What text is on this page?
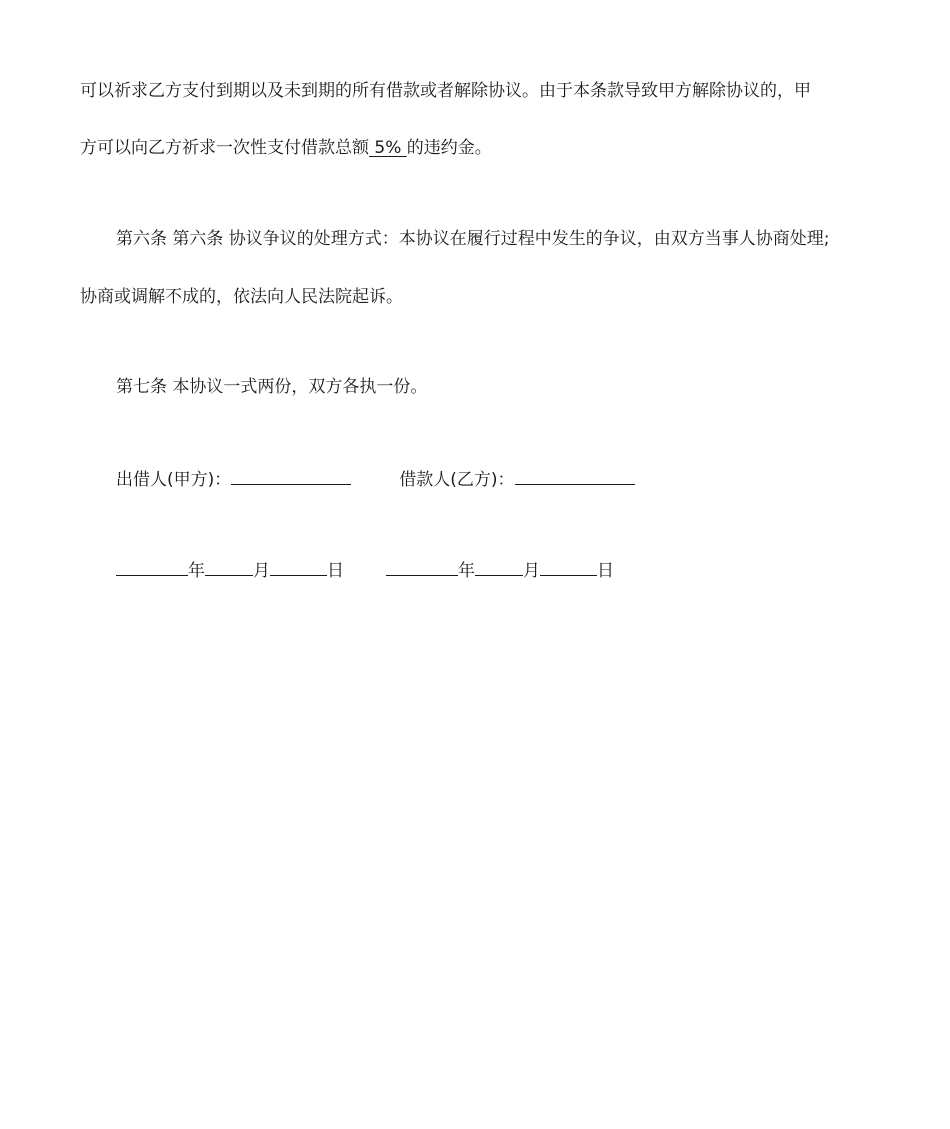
可以祈求乙方支付到期以及未到期的所有借款或者解除协议。由于本条款导致甲方解除协议的，甲
方可以向乙方祈求一次性支付借款总额 5% 的违约金。
第六条 第六条 协议争议的处理方式：本协议在履行过程中发生的争议，由双方当事人协商处理;
协商或调解不成的，依法向人民法院起诉。
第七条 本协议一式两份，双方各执一份。
出借人(甲方)：	借款人(乙方)：
年	月	日	年	月	日
